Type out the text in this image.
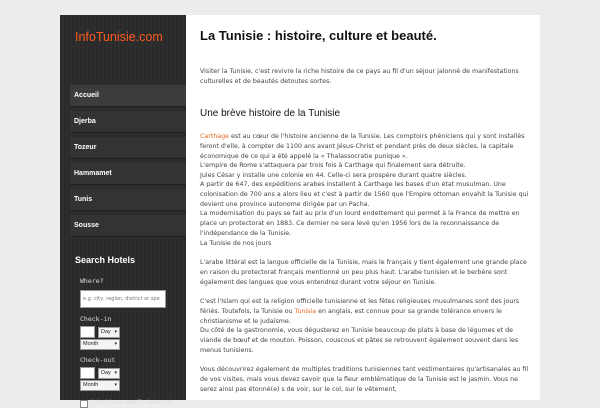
InfoTunisie.com
Accueil
Djerba
Tozeur
Hammamet
Tunis
Sousse
Search Hotels
Where?
e.g. city, region, district or spe
Check-in
Day ▾
Month	▾
Check-out
Day ▾
Month	▾
I don't have specific dates yet
La Tunisie : histoire, culture et beauté.
Visiter la Tunisie, c'est revivre la riche histoire de ce pays au fil d'un séjour jalonné de manifestations culturelles et de beautés detoutes sortes.
Une brève histoire de la Tunisie

Carthage est au cœur de l'histoire ancienne de la Tunisie. Les comptoirs phéniciens qui y sont installés feront d'elle, à compter de 1100 ans avant Jésus-Christ et pendant près de deux siècles, la capitale économique de ce qui a été appelé la « Thalassocratie punique ».

L'empire de Rome s'attaquera par trois fois à Carthage qui finalement sera détruite.

Jules César y installe une colonie en 44. Celle-ci sera prospère durant quatre siècles.

A partir de 647, des expéditions arabes installent à Carthage les bases d'un état musulman. Une colonisation de 700 ans a alors lieu et c'est à partir de 1560 que l'Empire ottoman envahit la Tunisie qui devient une province autonome dirigée par un Pacha.

La modernisation du pays se fait au prix d'un lourd endettement qui permet à la France de mettre en place un protectorat en 1883. Ce dernier ne sera levé qu'en 1956 lors de la reconnaissance de l'indépendance de la Tunisie.

La Tunisie de nos jours

L'arabe littéral est la langue officielle de la Tunisie, mais le français y tient également une grande place en raison du protectorat français mentionné un peu plus haut. L'arabe tunisien et le berbère sont également des langues que vous entendrez durant votre séjour en Tunisie.

C'est l'Islam qui est la religion officielle tunisienne et les fêtes religieuses musulmanes sont des jours fériés. Toutefois, la Tunisie ou Tunisia en anglais, est connue pour sa grande tolérance envers le christianisme et le judaïsme.

Du côté de la gastronomie, vous dégusterez en Tunisie beaucoup de plats à base de légumes et de viande de bœuf et de mouton. Poisson, couscous et pâtes se retrouvent également souvent dans les menus tunisiens.

Vous découvrirez également de multiples traditions tunisiennes tant vestimentaires qu'artisanales au fil de vos visites, mais vous devez savoir que la fleur emblématique de la Tunisie est le jasmin. Vous ne serez ainsi pas étonné(e) s de voir, sur le col, sur le vêtement,
